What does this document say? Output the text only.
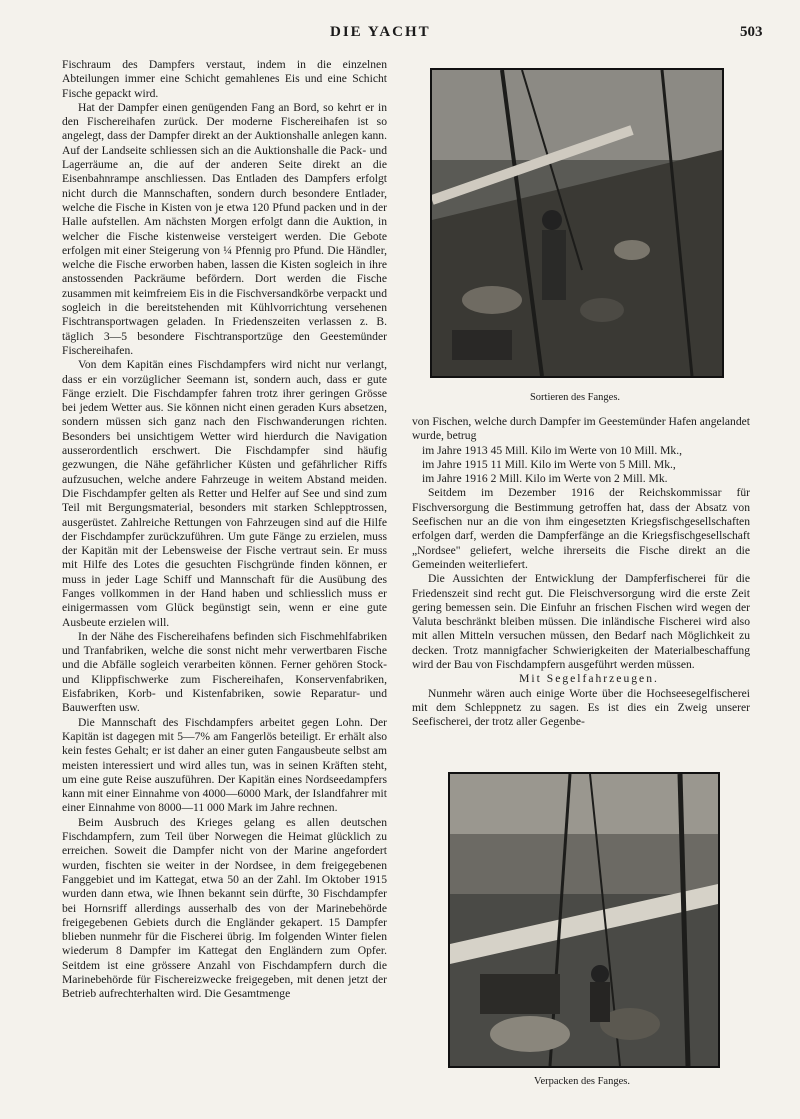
DIE YACHT	503

Fischraum des Dampfers verstaut, indem in die einzelnen Abteilungen immer eine Schicht gemahlenes Eis und eine Schicht Fische gepackt wird.

Hat der Dampfer einen genügenden Fang an Bord, so kehrt er in den Fischereihafen zurück. Der moderne Fischereihafen ist so angelegt, dass der Dampfer direkt an der Auktionshalle anlegen kann. Auf der Landseite schliessen sich an die Auktionshalle die Pack- und Lagerräume an, die auf der anderen Seite direkt an die Eisenbahnrampe anschliessen. Das Entladen des Dampfers erfolgt nicht durch die Mannschaften, sondern durch besondere Entlader, welche die Fische in Kisten von je etwa 120 Pfund packen und in der Halle aufstellen. Am nächsten Morgen erfolgt dann die Auktion, in welcher die Fische kistenweise versteigert werden. Die Gebote erfolgen mit einer Steigerung von ¼ Pfennig pro Pfund. Die Händler, welche die Fische erworben haben, lassen die Kisten sogleich in ihre anstossenden Packräume befördern. Dort werden die Fische zusammen mit keimfreiem Eis in die Fischversandkörbe verpackt und sogleich in die bereitstehenden mit Kühlvorrichtung versehenen Fischtransportwagen geladen. In Friedenszeiten verlassen z. B. täglich 3—5 besondere Fischtransportzüge den Geestemünder Fischereihafen.

Von dem Kapitän eines Fischdampfers wird nicht nur verlangt, dass er ein vorzüglicher Seemann ist, sondern auch, dass er gute Fänge erzielt. Die Fischdampfer fahren trotz ihrer geringen Grösse bei jedem Wetter aus. Sie können nicht einen geraden Kurs absetzen, sondern müssen sich ganz nach den Fischwanderungen richten. Besonders bei unsichtigem Wetter wird hierdurch die Navigation ausserordentlich erschwert. Die Fischdampfer sind häufig gezwungen, die Nähe gefährlicher Küsten und gefährlicher Riffs aufzusuchen, welche andere Fahrzeuge in weitem Abstand meiden. Die Fischdampfer gelten als Retter und Helfer auf See und sind zum Teil mit Bergungsmaterial, besonders mit starken Schlepptrossen, ausgerüstet. Zahlreiche Rettungen von Fahrzeugen sind auf die Hilfe der Fischdampfer zurückzuführen. Um gute Fänge zu erzielen, muss der Kapitän mit der Lebensweise der Fische vertraut sein. Er muss mit Hilfe des Lotes die gesuchten Fischgründe finden können, er muss in jeder Lage Schiff und Mannschaft für die Ausübung des Fanges vollkommen in der Hand haben und schliesslich muss er einigermassen vom Glück begünstigt sein, wenn er eine gute Ausbeute erzielen will.

In der Nähe des Fischereihafens befinden sich Fischmehlfabriken und Tranfabriken, welche die sonst nicht mehr verwertbaren Fische und die Abfälle sogleich verarbeiten können. Ferner gehören Stock- und Klippfischwerke zum Fischereihafen, Konservenfabriken, Eisfabriken, Korb- und Kistenfabriken, sowie Reparatur- und Bauwerften usw.

Die Mannschaft des Fischdampfers arbeitet gegen Lohn. Der Kapitän ist dagegen mit 5—7% am Fangerlös beteiligt. Er erhält also kein festes Gehalt; er ist daher an einer guten Fangausbeute selbst am meisten interessiert und wird alles tun, was in seinen Kräften steht, um eine gute Reise auszuführen. Der Kapitän eines Nordseedampfers kann mit einer Einnahme von 4000—6000 Mark, der Islandfahrer mit einer Einnahme von 8000—11 000 Mark im Jahre rechnen.

Beim Ausbruch des Krieges gelang es allen deutschen Fischdampfern, zum Teil über Norwegen die Heimat glücklich zu erreichen. Soweit die Dampfer nicht von der Marine angefordert wurden, fischten sie weiter in der Nordsee, in dem freigegebenen Fanggebiet und im Kattegat, etwa 50 an der Zahl. Im Oktober 1915 wurden dann etwa, wie Ihnen bekannt sein dürfte, 30 Fischdampfer bei Hornsriff allerdings ausserhalb des von der Marinebehörde freigegebenen Gebiets durch die Engländer gekapert. 15 Dampfer blieben nunmehr für die Fischerei übrig. Im folgenden Winter fielen wiederum 8 Dampfer im Kattegat den Engländern zum Opfer. Seitdem ist eine grössere Anzahl von Fischdampfern durch die Marinebehörde für Fischereizwecke freigegeben, mit denen jetzt der Betrieb aufrechterhalten wird. Die Gesamtmenge

Sortieren des Fanges.

von Fischen, welche durch Dampfer im Geestemünder Hafen angelandet wurde, betrug

im Jahre 1913 45 Mill. Kilo im Werte von 10 Mill. Mk.,
im Jahre 1915 11 Mill. Kilo im Werte von 5 Mill. Mk.,
im Jahre 1916 2 Mill. Kilo im Werte von 2 Mill. Mk.

Seitdem im Dezember 1916 der Reichskommissar für Fischversorgung die Bestimmung getroffen hat, dass der Absatz von Seefischen nur an die von ihm eingesetzten Kriegsfischgesellschaften erfolgen darf, werden die Dampferfänge an die Kriegsfischgesellschaft „Nordsee" geliefert, welche ihrerseits die Fische direkt an die Gemeinden weiterliefert.

Die Aussichten der Entwicklung der Dampferfischerei für die Friedenszeit sind recht gut. Die Fleischversorgung wird die erste Zeit gering bemessen sein. Die Einfuhr an frischen Fischen wird wegen der Valuta beschränkt bleiben müssen. Die inländische Fischerei wird also mit allen Mitteln versuchen müssen, den Bedarf nach Möglichkeit zu decken. Trotz mannigfacher Schwierigkeiten der Materialbeschaffung wird der Bau von Fischdampfern ausgeführt werden müssen.

Mit Segelfahrzeugen.

Nunmehr wären auch einige Worte über die Hochseesegelfischerei mit dem Schleppnetz zu sagen. Es ist dies ein Zweig unserer Seefischerei, der trotz aller Gegenbe-

Verpacken des Fanges.
